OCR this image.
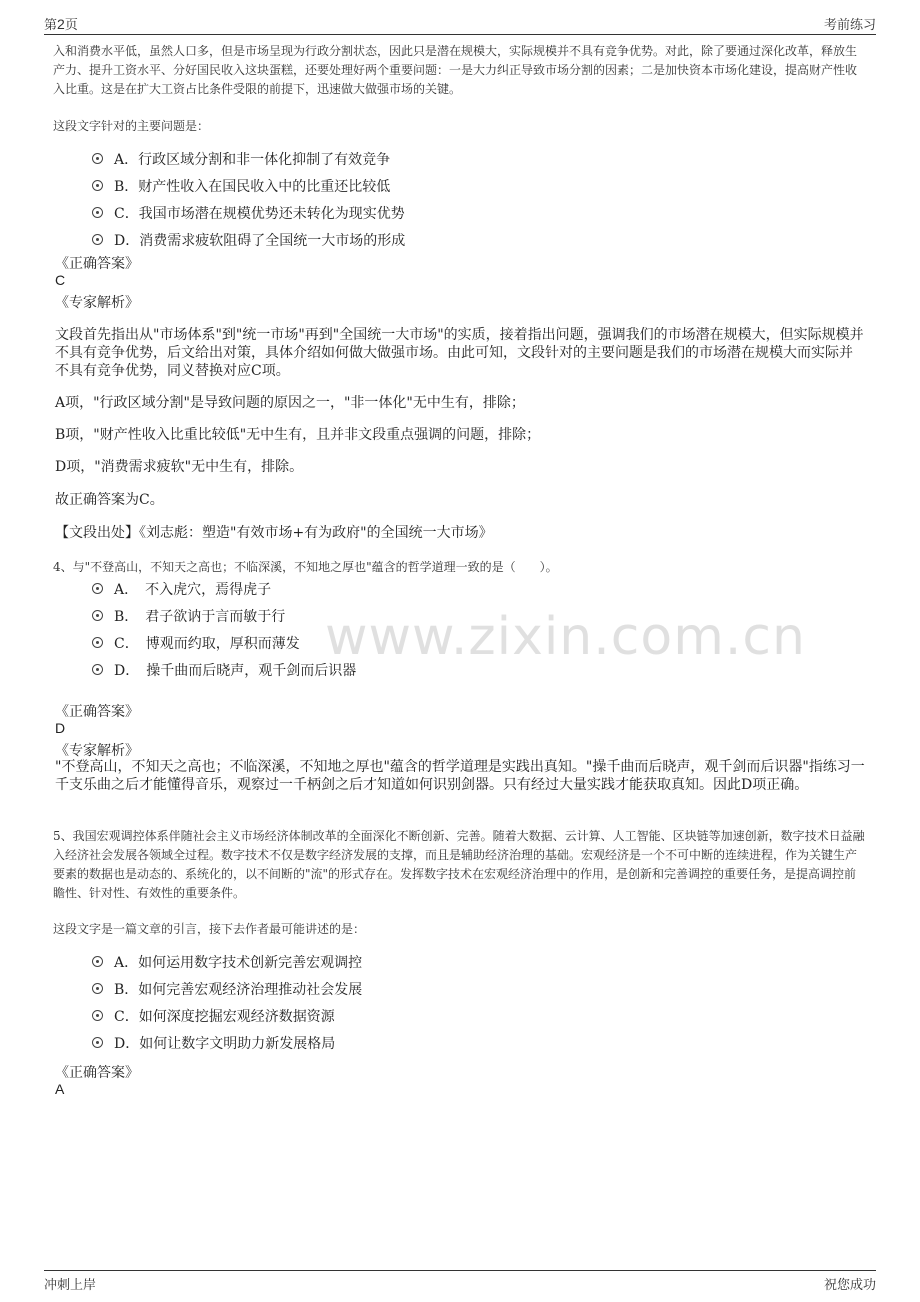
第2页	考前练习

入和消费水平低，虽然人口多，但是市场呈现为行政分割状态，因此只是潜在规模大，实际规模并不具有竞争优势。对此，除了要通过深化改革，释放生产力、提升工资水平、分好国民收入这块蛋糕，还要处理好两个重要问题：一是大力纠正导致市场分割的因素；二是加快资本市场化建设，提高财产性收入比重。这是在扩大工资占比条件受限的前提下，迅速做大做强市场的关键。

这段文字针对的主要问题是：

A．行政区域分割和非一体化抑制了有效竞争
B．财产性收入在国民收入中的比重还比较低
C．我国市场潜在规模优势还未转化为现实优势
D．消费需求疲软阻碍了全国统一大市场的形成
《正确答案》
C
《专家解析》

文段首先指出从"市场体系"到"统一市场"再到"全国统一大市场"的实质，接着指出问题，强调我们的市场潜在规模大，但实际规模并不具有竞争优势，后文给出对策，具体介绍如何做大做强市场。由此可知，文段针对的主要问题是我们的市场潜在规模大而实际并不具有竞争优势，同义替换对应C项。

A项，"行政区域分割"是导致问题的原因之一，"非一体化"无中生有，排除；

B项，"财产性收入比重比较低"无中生有，且并非文段重点强调的问题，排除；

D项，"消费需求疲软"无中生有，排除。

故正确答案为C。

【文段出处】《刘志彪：塑造"有效市场+有为政府"的全国统一大市场》

www.zixin.com.cn

4、与"不登高山，不知天之高也；不临深溪，不知地之厚也"蕴含的哲学道理一致的是（　　）。

A．　不入虎穴，焉得虎子
B．　君子欲讷于言而敏于行
C．　博观而约取，厚积而薄发
D．　操千曲而后晓声，观千剑而后识器
《正确答案》
D
《专家解析》

"不登高山，不知天之高也；不临深溪，不知地之厚也"蕴含的哲学道理是实践出真知。"操千曲而后晓声，观千剑而后识器"指练习一千支乐曲之后才能懂得音乐，观察过一千柄剑之后才知道如何识别剑器。只有经过大量实践才能获取真知。因此D项正确。

5、我国宏观调控体系伴随社会主义市场经济体制改革的全面深化不断创新、完善。随着大数据、云计算、人工智能、区块链等加速创新，数字技术日益融入经济社会发展各领域全过程。数字技术不仅是数字经济发展的支撑，而且是辅助经济治理的基础。宏观经济是一个不可中断的连续进程，作为关键生产要素的数据也是动态的、系统化的，以不间断的"流"的形式存在。发挥数字技术在宏观经济治理中的作用，是创新和完善调控的重要任务，是提高调控前瞻性、针对性、有效性的重要条件。

这段文字是一篇文章的引言，接下去作者最可能讲述的是：

A．如何运用数字技术创新完善宏观调控
B．如何完善宏观经济治理推动社会发展
C．如何深度挖掘宏观经济数据资源
D．如何让数字文明助力新发展格局
《正确答案》
A
冲刺上岸	祝您成功
